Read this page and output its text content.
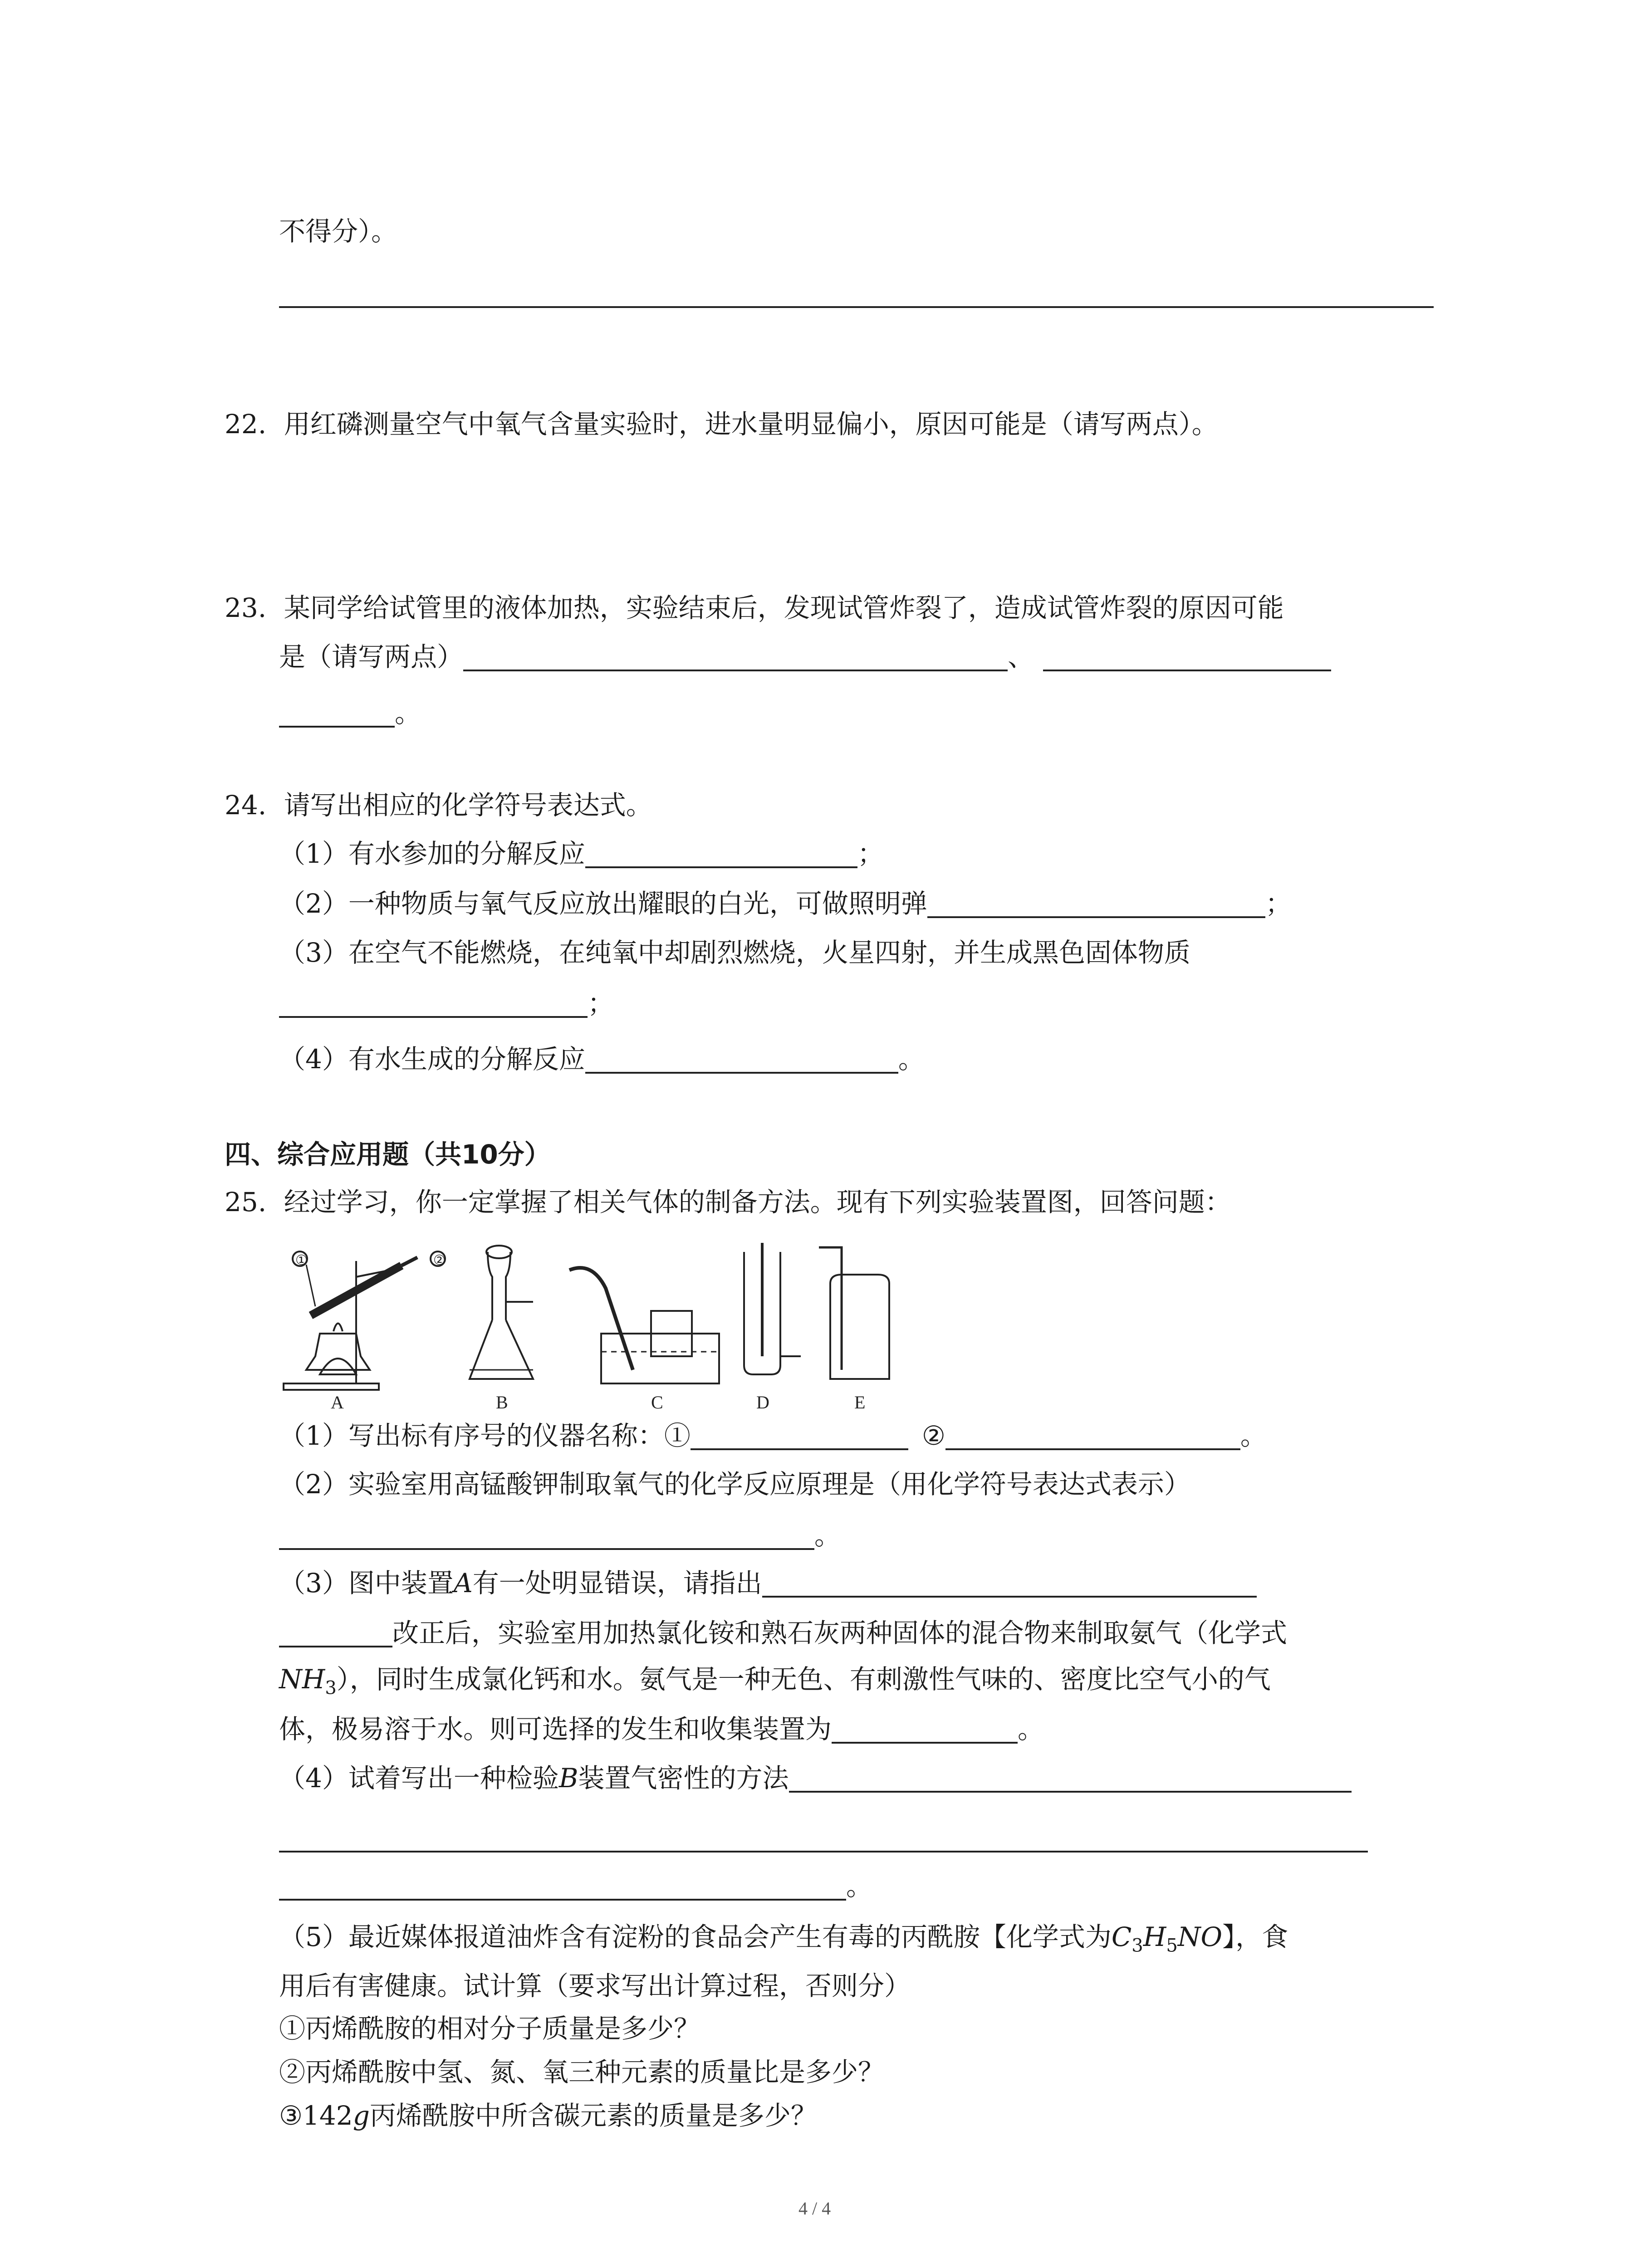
不得分）。
22. 用红磷测量空气中氧气含量实验时，进水量明显偏小，原因可能是（请写两点）。
23. 某同学给试管里的液体加热，实验结束后，发现试管炸裂了，造成试管炸裂的原因可能
是（请写两点）	、
。
24. 请写出相应的化学符号表达式。
（1）有水参加的分解反应	；
（2）一种物质与氧气反应放出耀眼的白光，可做照明弹	；
（3）在空气不能燃烧，在纯氧中却剧烈燃烧，火星四射，并生成黑色固体物质
；
（4）有水生成的分解反应	。
四、综合应用题（共10分）
25. 经过学习，你一定掌握了相关气体的制备方法。现有下列实验装置图，回答问题：
A	B	C	D	E
①	②
（1）写出标有序号的仪器名称：①	②	。
（2）实验室用高锰酸钾制取氧气的化学反应原理是（用化学符号表达式表示）
。
（3）图中装置A有一处明显错误，请指出
改正后，实验室用加热氯化铵和熟石灰两种固体的混合物来制取氨气（化学式
$NH_3$），同时生成氯化钙和水。氨气是一种无色、有刺激性气味的、密度比空气小的气
体，极易溶于水。则可选择的发生和收集装置为	。
（4）试着写出一种检验B装置气密性的方法
。
（5）最近媒体报道油炸含有淀粉的食品会产生有毒的丙酰胺【化学式为$C_3H_5NO$】，食
用后有害健康。试计算（要求写出计算过程，否则分）
①丙烯酰胺的相对分子质量是多少？
②丙烯酰胺中氢、氮、氧三种元素的质量比是多少？
③142g丙烯酰胺中所含碳元素的质量是多少？
4 / 4
